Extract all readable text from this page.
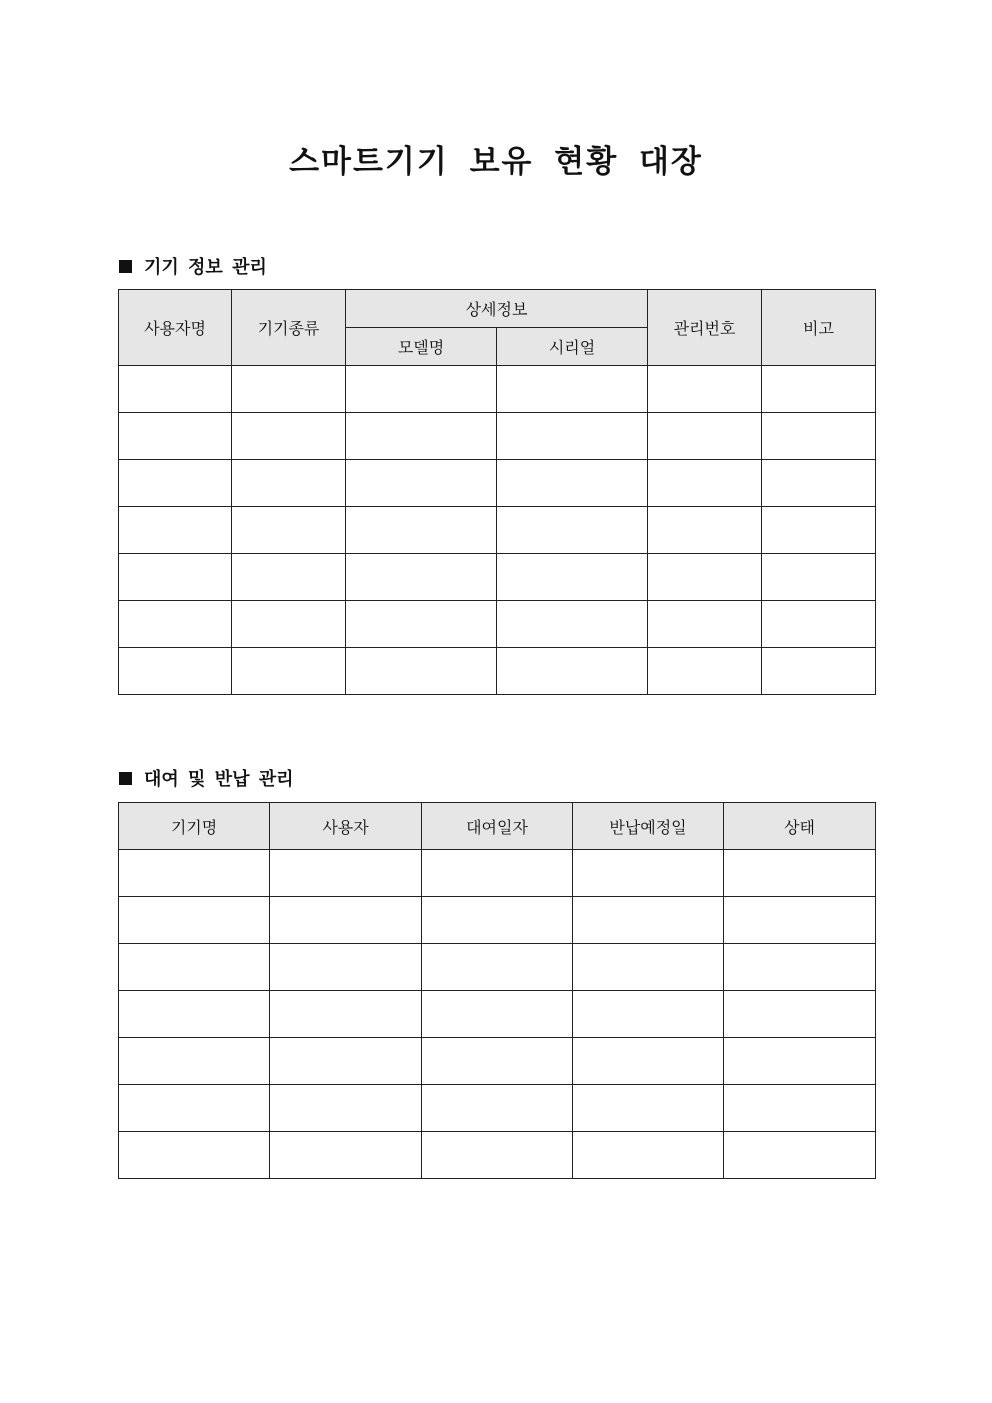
스마트기기 보유 현황 대장
기기 정보 관리
사용자명	기기종류	상세정보		관리번호	비고
		모델명	시리얼		

대여 및 반납 관리
기기명	사용자	대여일자	반납예정일	상태
